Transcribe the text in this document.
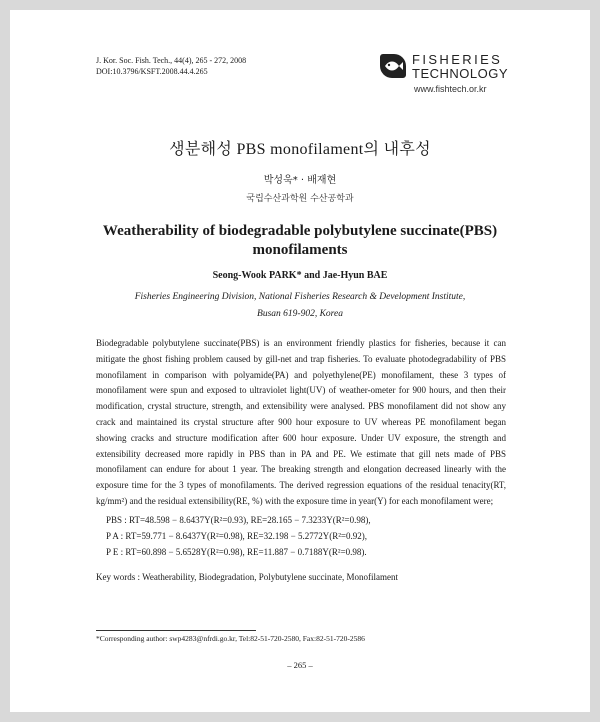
J. Kor. Soc. Fish. Tech., 44(4), 265 - 272, 2008
DOI:10.3796/KSFT.2008.44.4.265
FISHERIES
TECHNOLOGY
www.fishtech.or.kr
생분해성 PBS monofilament의 내후성
박성욱* · 배재현
국립수산과학원 수산공학과
Weatherability of biodegradable polybutylene succinate(PBS) monofilaments
Seong-Wook PARK* and Jae-Hyun BAE
Fisheries Engineering Division, National Fisheries Research & Development Institute,
Busan 619-902, Korea
Biodegradable polybutylene succinate(PBS) is an environment friendly plastics for fisheries, because it can mitigate the ghost fishing problem caused by gill-net and trap fisheries. To evaluate photodegradability of PBS monofilament in comparison with polyamide(PA) and polyethylene(PE) monofilament, these 3 types of monofilament were spun and exposed to ultraviolet light(UV) of weather-ometer for 900 hours, and then their modification, crystal structure, strength, and extensibility were analysed. PBS monofilament did not show any crack and maintained its crystal structure after 900 hour exposure to UV whereas PE monofilament began showing cracks and structure modification after 600 hour exposure. Under UV exposure, the strength and extensibility decreased more rapidly in PBS than in PA and PE. We estimate that gill nets made of PBS monofilament can endure for about 1 year. The breaking strength and elongation decreased linearly with the exposure time for the 3 types of monofilaments. The derived regression equations of the residual tenacity(RT, kg/mm²) and the residual extensibility(RE, %) with the exposure time in year(Y) for each monofilament were;
PBS : RT=48.598 − 8.6437Y(R²=0.93), RE=28.165 − 7.3233Y(R²=0.98),
P A : RT=59.771 − 8.6437Y(R²=0.98), RE=32.198 − 5.2772Y(R²=0.92),
P E : RT=60.898 − 5.6528Y(R²=0.98), RE=11.887 − 0.7188Y(R²=0.98).
Key words : Weatherability, Biodegradation, Polybutylene succinate, Monofilament
*Corresponding author: swp4283@nfrdi.go.kr, Tel:82-51-720-2580, Fax:82-51-720-2586
– 265 –
